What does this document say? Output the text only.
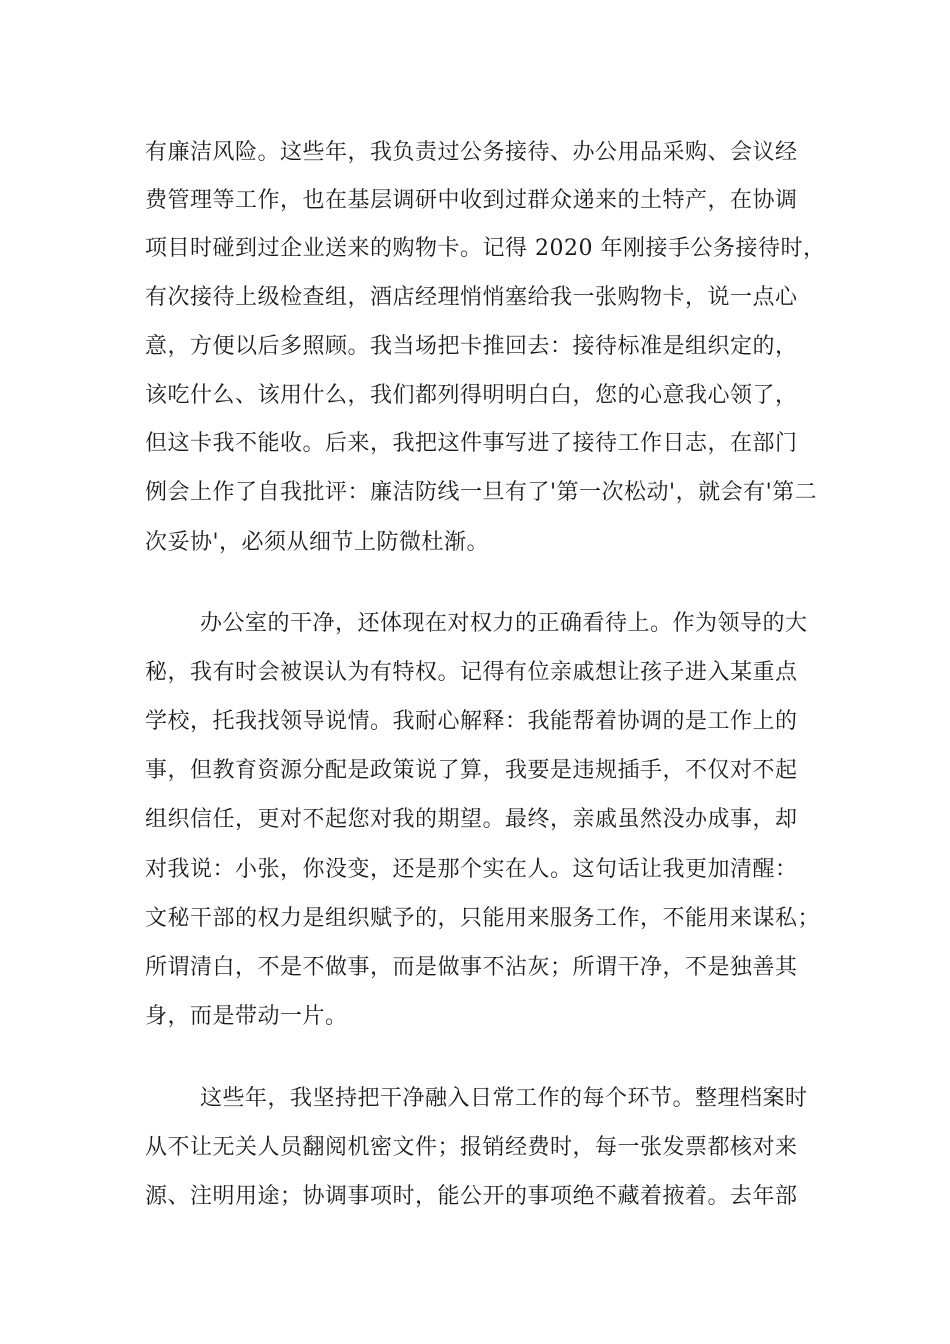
有廉洁风险。这些年，我负责过公务接待、办公用品采购、会议经
费管理等工作，也在基层调研中收到过群众递来的土特产，在协调
项目时碰到过企业送来的购物卡。记得 2020 年刚接手公务接待时，
有次接待上级检查组，酒店经理悄悄塞给我一张购物卡，说一点心
意，方便以后多照顾。我当场把卡推回去：接待标准是组织定的，
该吃什么、该用什么，我们都列得明明白白，您的心意我心领了，
但这卡我不能收。后来，我把这件事写进了接待工作日志，在部门
例会上作了自我批评：廉洁防线一旦有了'第一次松动'，就会有'第二
次妥协'，必须从细节上防微杜渐。
办公室的干净，还体现在对权力的正确看待上。作为领导的大
秘，我有时会被误认为有特权。记得有位亲戚想让孩子进入某重点
学校，托我找领导说情。我耐心解释：我能帮着协调的是工作上的
事，但教育资源分配是政策说了算，我要是违规插手，不仅对不起
组织信任，更对不起您对我的期望。最终，亲戚虽然没办成事，却
对我说：小张，你没变，还是那个实在人。这句话让我更加清醒：
文秘干部的权力是组织赋予的，只能用来服务工作，不能用来谋私；
所谓清白，不是不做事，而是做事不沾灰；所谓干净，不是独善其
身，而是带动一片。
这些年，我坚持把干净融入日常工作的每个环节。整理档案时
从不让无关人员翻阅机密文件；报销经费时，每一张发票都核对来
源、注明用途；协调事项时，能公开的事项绝不藏着掖着。去年部
